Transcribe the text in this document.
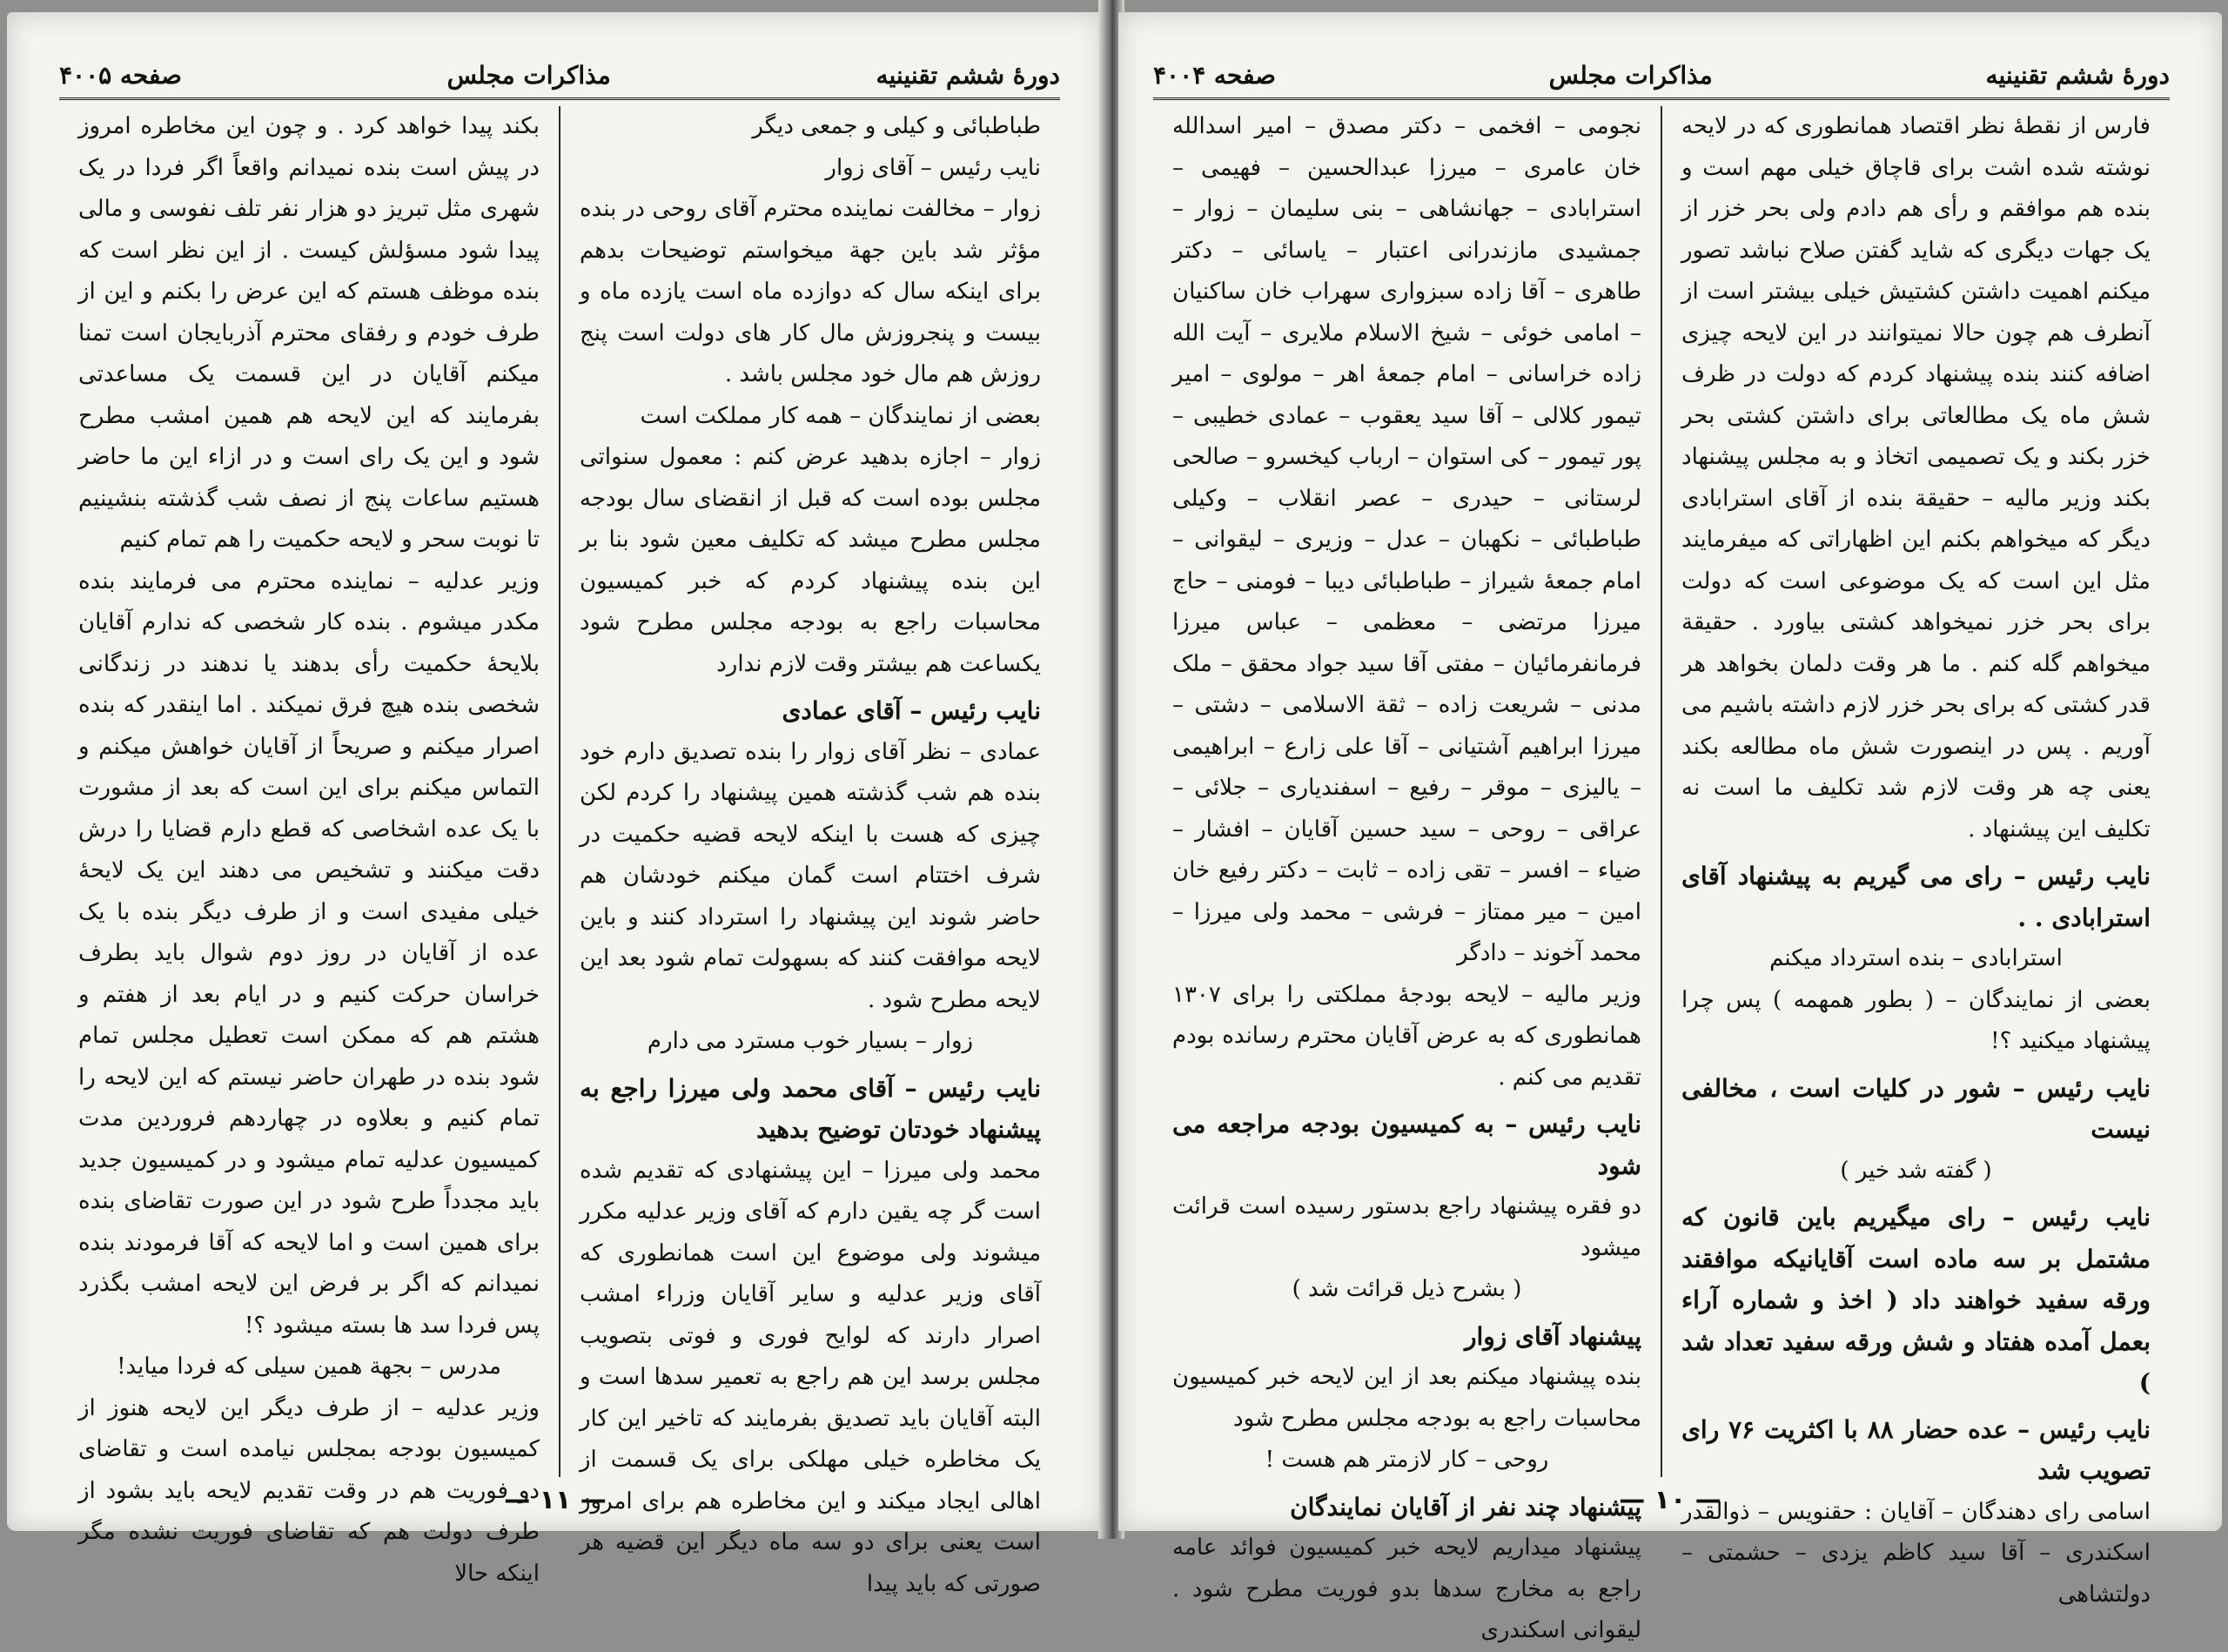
صفحه ۴۰۰۵	مذاکرات مجلس	دورهٔ ششم تقنینیه

طباطبائی و کیلی و جمعی دیگر

نایب رئیس – آقای زوار

زوار – مخالفت نماینده محترم آقای روحی در بنده مؤثر شد باین جهة میخواستم توضیحات بدهم برای اینکه سال که دوازده ماه است یازده ماه و بیست و پنجروزش مال کار های دولت است پنج روزش هم مال خود مجلس باشد .

بعضی از نمایندگان – همه کار مملکت است

زوار – اجازه بدهید عرض کنم : معمول سنواتی مجلس بوده است که قبل از انقضای سال بودجه مجلس مطرح میشد که تکلیف معین شود بنا بر این بنده پیشنهاد کردم که خبر کمیسیون محاسبات راجع به بودجه مجلس مطرح شود یکساعت هم بیشتر وقت لازم ندارد

نایب رئیس – آقای عمادی

عمادی – نظر آقای زوار را بنده تصدیق دارم خود بنده هم شب گذشته همین پیشنهاد را کردم لکن چیزی که هست با اینکه لایحه قضیه حکمیت در شرف اختتام است گمان میکنم خودشان هم حاضر شوند این پیشنهاد را استرداد کنند و باین لایحه موافقت کنند که بسهولت تمام شود بعد این لایحه مطرح شود .

زوار – بسیار خوب مسترد می دارم

نایب رئیس – آقای محمد ولی میرزا راجع به پیشنهاد خودتان توضیح بدهید

محمد ولی میرزا – این پیشنهادی که تقدیم شده است گر چه یقین دارم که آقای وزیر عدلیه مکرر میشوند ولی موضوع این است همانطوری که آقای وزیر عدلیه و سایر آقایان وزراء امشب اصرار دارند که لوایح فوری و فوتی بتصویب مجلس برسد این هم راجع به تعمیر سدها است و البته آقایان باید تصدیق بفرمایند که تاخیر این کار یک مخاطره خیلی مهلکی برای یک قسمت از اهالی ایجاد میکند و این مخاطره هم برای امروز است یعنی برای دو سه ماه دیگر این قضیه هر صورتی که باید پیدا

بکند پیدا خواهد کرد . و چون این مخاطره امروز در پیش است بنده نمیدانم واقعاً اگر فردا در یک شهری مثل تبریز دو هزار نفر تلف نفوسی و مالی پیدا شود مسؤلش کیست . از این نظر است که بنده موظف هستم که این عرض را بکنم و این از طرف خودم و رفقای محترم آذربایجان است تمنا میکنم آقایان در این قسمت یک مساعدتی بفرمایند که این لایحه هم همین امشب مطرح شود و این یک رای است و در ازاء این ما حاضر هستیم ساعات پنج از نصف شب گذشته بنشینیم تا نوبت سحر و لایحه حکمیت را هم تمام کنیم

وزیر عدلیه – نماینده محترم می فرمایند بنده مکدر میشوم . بنده کار شخصی که ندارم آقایان بلایحهٔ حکمیت رأی بدهند یا ندهند در زندگانی شخصی بنده هیچ فرق نمیکند . اما اینقدر که بنده اصرار میکنم و صریحاً از آقایان خواهش میکنم و التماس میکنم برای این است که بعد از مشورت با یک عده اشخاصی که قطع دارم قضایا را درش دقت میکنند و تشخیص می دهند این یک لایحهٔ خیلی مفیدی است و از طرف دیگر بنده با یک عده از آقایان در روز دوم شوال باید بطرف خراسان حرکت کنیم و در ایام بعد از هفتم و هشتم هم که ممکن است تعطیل مجلس تمام شود بنده در طهران حاضر نیستم که این لایحه را تمام کنیم و بعلاوه در چهاردهم فروردین مدت کمیسیون عدلیه تمام میشود و در کمیسیون جدید باید مجدداً طرح شود در این صورت تقاضای بنده برای همین است و اما لایحه که آقا فرمودند بنده نمیدانم که اگر بر فرض این لایحه امشب بگذرد پس فردا سد ها بسته میشود ؟!

مدرس – بجهة همین سیلی که فردا میاید!

وزیر عدلیه – از طرف دیگر این لایحه هنوز از کمیسیون بودجه بمجلس نیامده است و تقاضای دو فوریت هم در وقت تقدیم لایحه باید بشود از طرف دولت هم که تقاضای فوریت نشده مگر اینکه حالا

— ۱۱ —
صفحه ۴۰۰۴	مذاکرات مجلس	دورهٔ ششم تقنینیه

فارس از نقطهٔ نظر اقتصاد همانطوری که در لایحه نوشته شده اشت برای قاچاق خیلی مهم است و بنده هم موافقم و رأی هم دادم ولی بحر خزر از یک جهات دیگری که شاید گفتن صلاح نباشد تصور میکنم اهمیت داشتن کشتیش خیلی بیشتر است از آنطرف هم چون حالا نمیتوانند در این لایحه چیزی اضافه کنند بنده پیشنهاد کردم که دولت در ظرف شش ماه یک مطالعاتی برای داشتن کشتی بحر خزر بکند و یک تصمیمی اتخاذ و به مجلس پیشنهاد بکند وزیر مالیه – حقیقة بنده از آقای استرابادی دیگر که میخواهم بکنم این اظهاراتی که میفرمایند مثل این است که یک موضوعی است که دولت برای بحر خزر نمیخواهد کشتی بیاورد . حقیقة میخواهم گله کنم . ما هر وقت دلمان بخواهد هر قدر کشتی که برای بحر خزر لازم داشته باشیم می آوریم . پس در اینصورت شش ماه مطالعه بکند یعنی چه هر وقت لازم شد تکلیف ما است نه تکلیف این پیشنهاد .

نایب رئیس – رای می گیریم به پیشنهاد آقای استرابادی . .

استرابادی – بنده استرداد میکنم

بعضی از نمایندگان – ( بطور همهمه ) پس چرا پیشنهاد میکنید ؟!

نایب رئیس – شور در کلیات است ، مخالفی نیست

( گفته شد خیر )

نایب رئیس – رای میگیریم باین قانون که مشتمل بر سه ماده است آقایانیکه موافقند ورقه سفید خواهند داد ( اخذ و شماره آراء بعمل آمده هفتاد و شش ورقه سفید تعداد شد )

نایب رئیس – عده حضار ۸۸ با اکثریت ۷۶ رای تصویب شد

اسامی رای دهندگان – آقایان : حقنویس – ذوالقدر اسکندری – آقا سید کاظم یزدی – حشمتی – دولتشاهی

نجومی – افخمی – دکتر مصدق – امیر اسدالله خان عامری – میرزا عبدالحسین – فهیمی – استرابادی – جهانشاهی – بنی سلیمان – زوار – جمشیدی مازندرانی اعتبار – یاسائی – دکتر طاهری – آقا زاده سبزواری سهراب خان ساکنیان – امامی خوئی – شیخ الاسلام ملایری – آیت الله زاده خراسانی – امام جمعهٔ اهر – مولوی – امیر تیمور کلالی – آقا سید یعقوب – عمادی خطیبی – پور تیمور – کی استوان – ارباب کیخسرو – صالحی لرستانی – حیدری – عصر انقلاب – وکیلی طباطبائی – نکهبان – عدل – وزیری – لیقوانی – امام جمعهٔ شیراز – طباطبائی دیبا – فومنی – حاج میرزا مرتضی – معظمی – عباس میرزا فرمانفرمائیان – مفتی آقا سید جواد محقق – ملک مدنی – شریعت زاده – ثقة الاسلامی – دشتی – میرزا ابراهیم آشتیانی – آقا علی زارع – ابراهیمی – یالیزی – موقر – رفیع – اسفندیاری – جلائی – عراقی – روحی – سید حسین آقایان – افشار – ضیاء – افسر – تقی زاده – ثابت – دکتر رفیع خان امین – میر ممتاز – فرشی – محمد ولی میرزا – محمد آخوند – دادگر

وزیر مالیه – لایحه بودجهٔ مملکتی را برای ۱۳۰۷ همانطوری که به عرض آقایان محترم رسانده بودم تقدیم می کنم .

نایب رئیس – به کمیسیون بودجه مراجعه می شود

دو فقره پیشنهاد راجع بدستور رسیده است قرائت میشود

( بشرح ذیل قرائت شد )

پیشنهاد آقای زوار

بنده پیشنهاد میکنم بعد از این لایحه خبر کمیسیون محاسبات راجع به بودجه مجلس مطرح شود

روحی – کار لازمتر هم هست !

پیشنهاد چند نفر از آقایان نمایندگان

پیشنهاد میداریم لایحه خبر کمیسیون فوائد عامه راجع به مخارج سدها بدو فوریت مطرح شود . لیقوانی اسکندری

— ۱۰ —
